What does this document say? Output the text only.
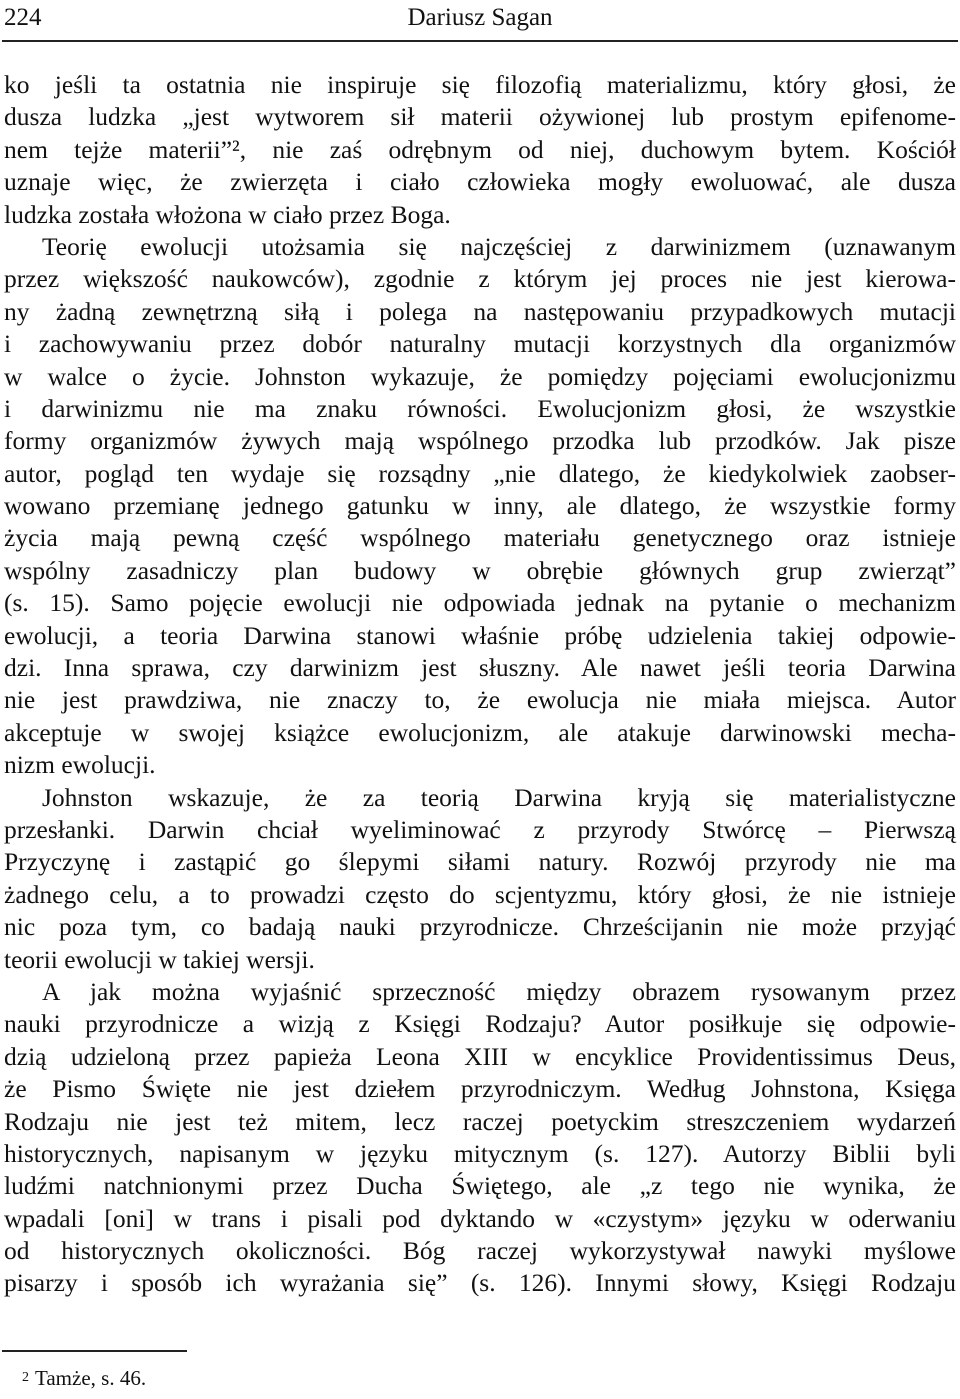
224	Dariusz Sagan
ko jeśli ta ostatnia nie inspiruje się filozofią materializmu, który głosi, że
dusza ludzka „jest wytworem sił materii ożywionej lub prostym epifenome-
nem tejże materii”², nie zaś odrębnym od niej, duchowym bytem. Kościół
uznaje więc, że zwierzęta i ciało człowieka mogły ewoluować, ale dusza
ludzka została włożona w ciało przez Boga.
Teorię ewolucji utożsamia się najczęściej z darwinizmem (uznawanym
przez większość naukowców), zgodnie z którym jej proces nie jest kierowa-
ny żadną zewnętrzną siłą i polega na następowaniu przypadkowych mutacji
i zachowywaniu przez dobór naturalny mutacji korzystnych dla organizmów
w walce o życie. Johnston wykazuje, że pomiędzy pojęciami ewolucjonizmu
i darwinizmu nie ma znaku równości. Ewolucjonizm głosi, że wszystkie
formy organizmów żywych mają wspólnego przodka lub przodków. Jak pisze
autor, pogląd ten wydaje się rozsądny „nie dlatego, że kiedykolwiek zaobser-
wowano przemianę jednego gatunku w inny, ale dlatego, że wszystkie formy
życia mają pewną część wspólnego materiału genetycznego oraz istnieje
wspólny zasadniczy plan budowy w obrębie głównych grup zwierząt”
(s. 15). Samo pojęcie ewolucji nie odpowiada jednak na pytanie o mechanizm
ewolucji, a teoria Darwina stanowi właśnie próbę udzielenia takiej odpowie-
dzi. Inna sprawa, czy darwinizm jest słuszny. Ale nawet jeśli teoria Darwina
nie jest prawdziwa, nie znaczy to, że ewolucja nie miała miejsca. Autor
akceptuje w swojej książce ewolucjonizm, ale atakuje darwinowski mecha-
nizm ewolucji.
Johnston wskazuje, że za teorią Darwina kryją się materialistyczne
przesłanki. Darwin chciał wyeliminować z przyrody Stwórcę – Pierwszą
Przyczynę i zastąpić go ślepymi siłami natury. Rozwój przyrody nie ma
żadnego celu, a to prowadzi często do scjentyzmu, który głosi, że nie istnieje
nic poza tym, co badają nauki przyrodnicze. Chrześcijanin nie może przyjąć
teorii ewolucji w takiej wersji.
A jak można wyjaśnić sprzeczność między obrazem rysowanym przez
nauki przyrodnicze a wizją z Księgi Rodzaju? Autor posiłkuje się odpowie-
dzią udzieloną przez papieża Leona XIII w encyklice Providentissimus Deus,
że Pismo Święte nie jest dziełem przyrodniczym. Według Johnstona, Księga
Rodzaju nie jest też mitem, lecz raczej poetyckim streszczeniem wydarzeń
historycznych, napisanym w języku mitycznym (s. 127). Autorzy Biblii byli
ludźmi natchnionymi przez Ducha Świętego, ale „z tego nie wynika, że
wpadali [oni] w trans i pisali pod dyktando w «czystym» języku w oderwaniu
od historycznych okoliczności. Bóg raczej wykorzystywał nawyki myślowe
pisarzy i sposób ich wyrażania się” (s. 126). Innymi słowy, Księgi Rodzaju
$^2$ Tamże, s. 46.
